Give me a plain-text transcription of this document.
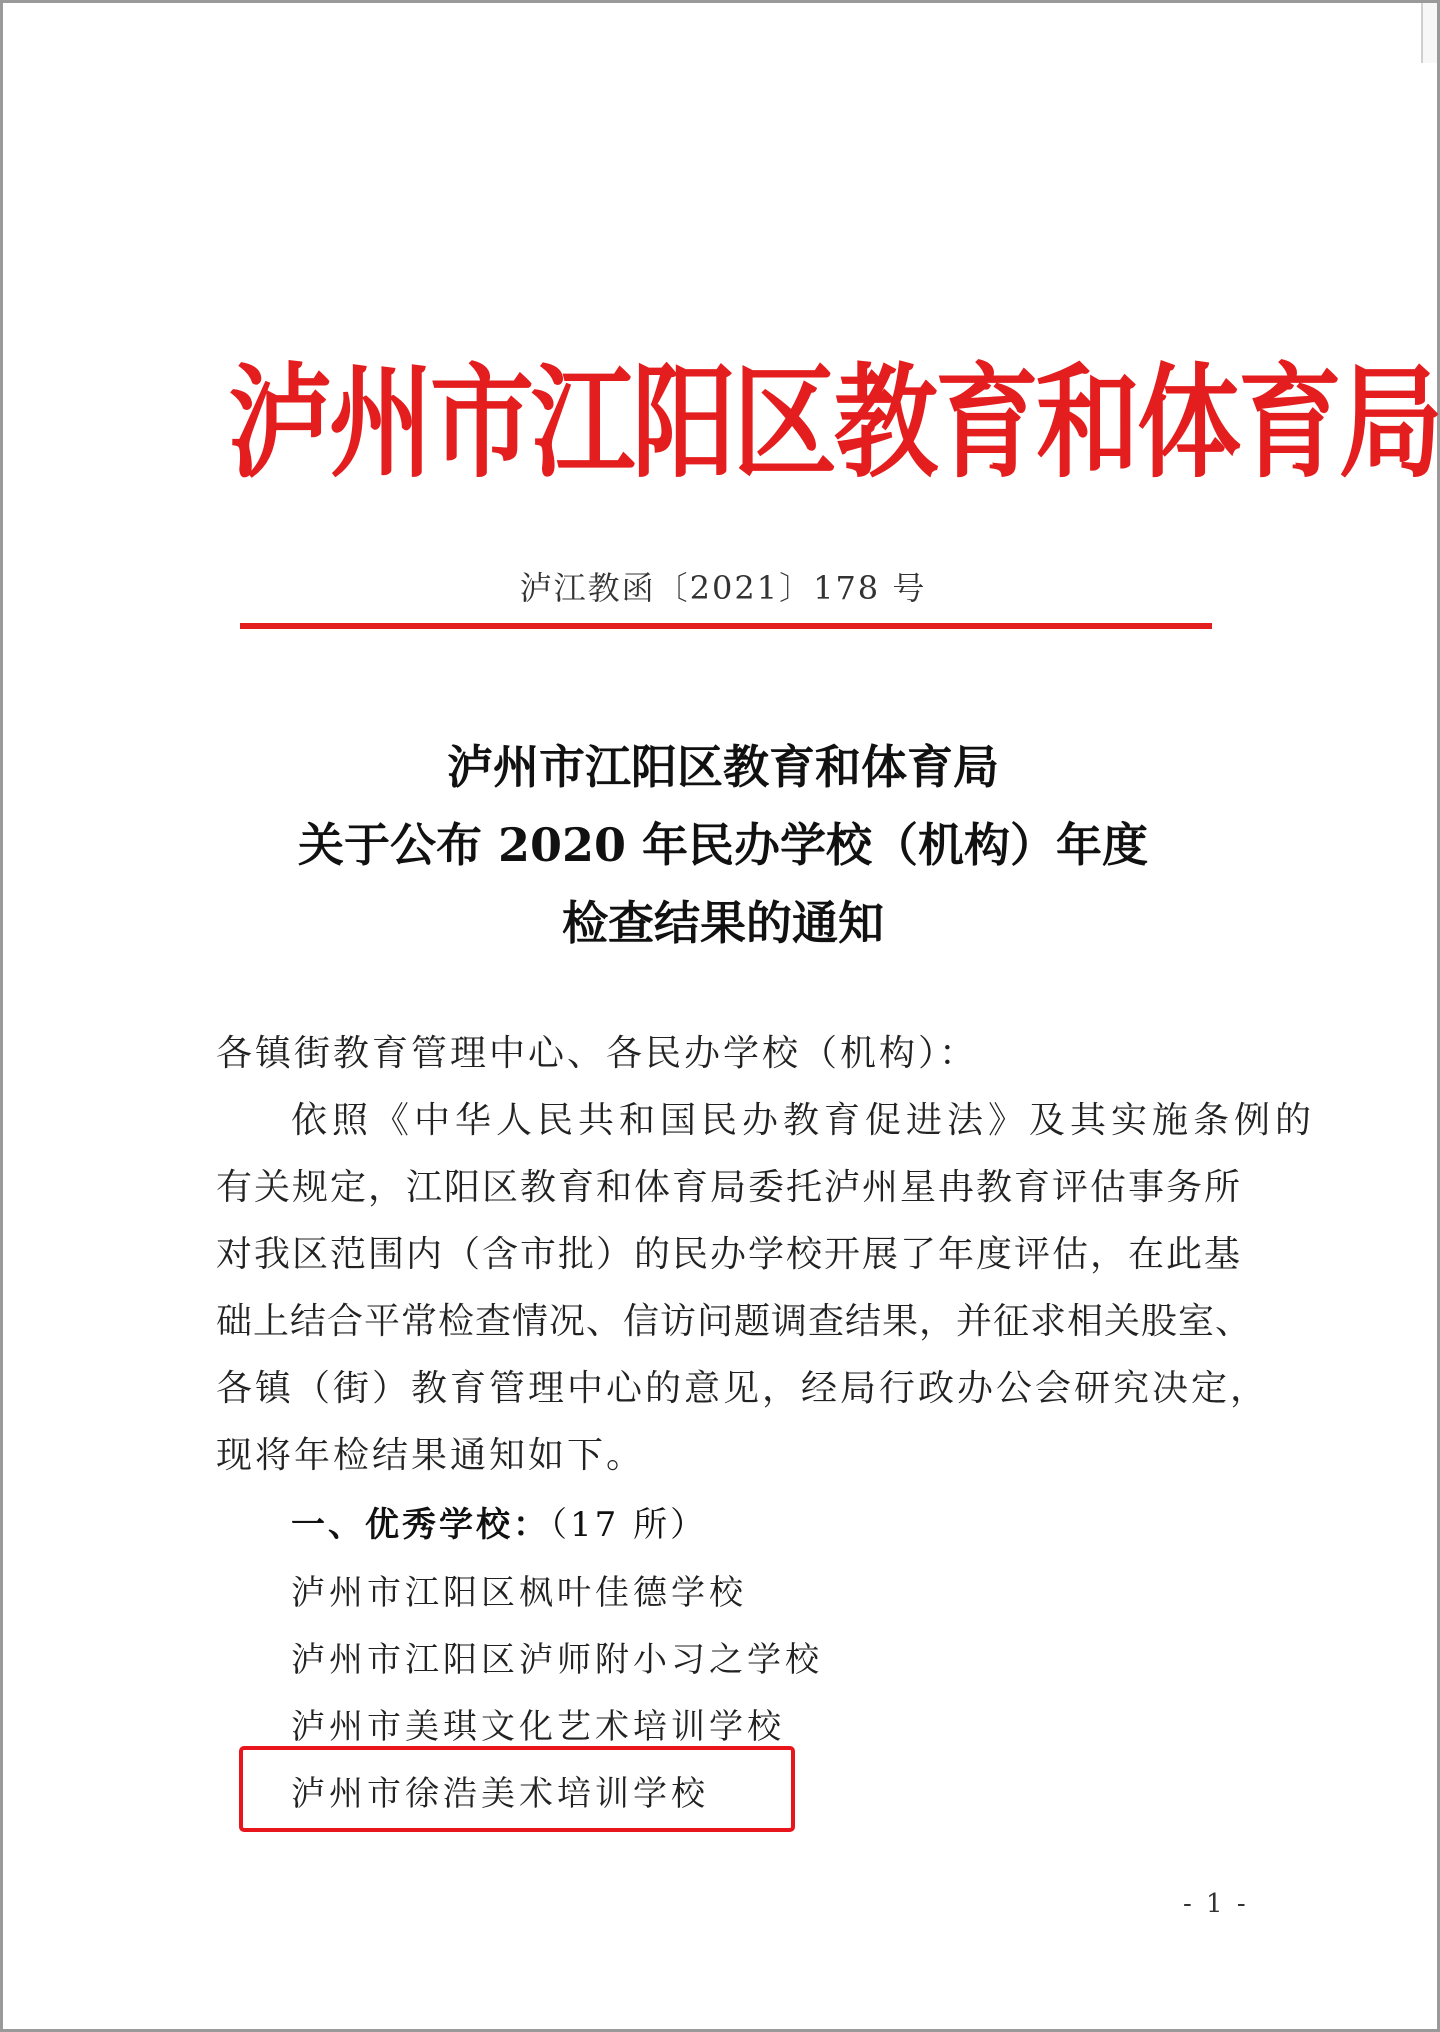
泸州市江阳区教育和体育局
泸江教函〔2021〕178 号
泸州市江阳区教育和体育局
关于公布 2020 年民办学校（机构）年度
检查结果的通知
各镇街教育管理中心、各民办学校（机构）：
依照《中华人民共和国民办教育促进法》及其实施条例的
有关规定，江阳区教育和体育局委托泸州星冉教育评估事务所
对我区范围内（含市批）的民办学校开展了年度评估，在此基
础上结合平常检查情况、信访问题调查结果，并征求相关股室、
各镇（街）教育管理中心的意见，经局行政办公会研究决定，
现将年检结果通知如下。
一、优秀学校：（17 所）
泸州市江阳区枫叶佳德学校
泸州市江阳区泸师附小习之学校
泸州市美琪文化艺术培训学校
泸州市徐浩美术培训学校
- 1 -
